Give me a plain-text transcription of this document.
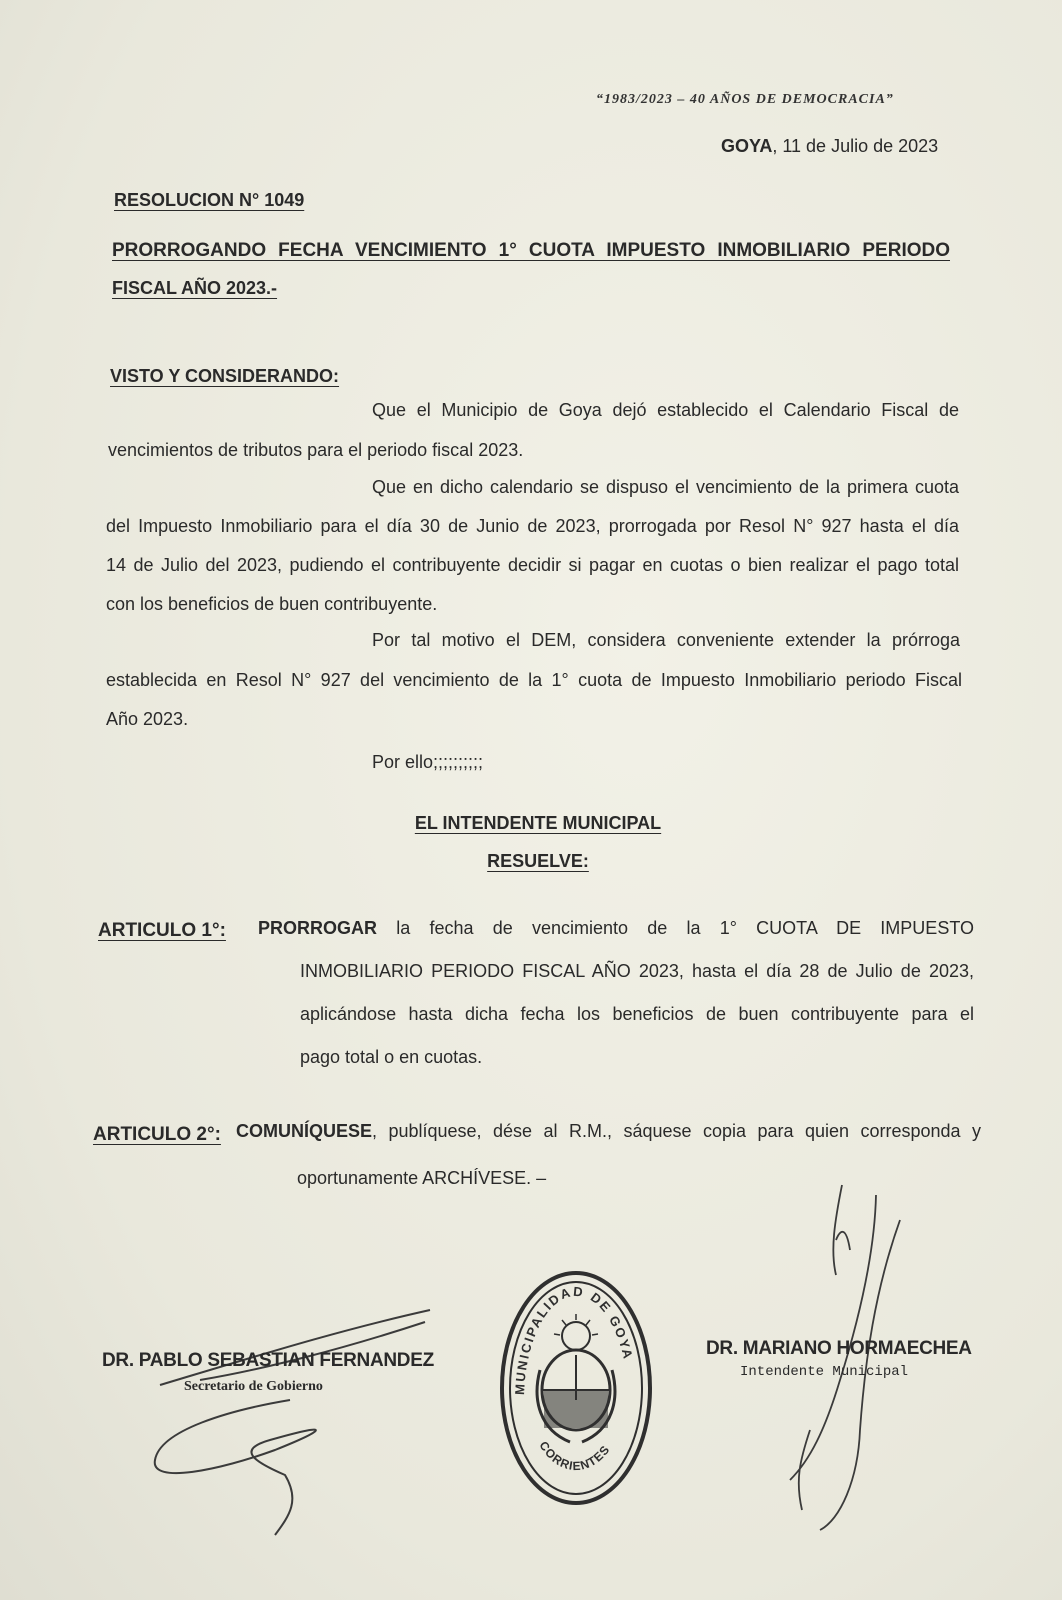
“1983/2023 – 40 AÑOS DE DEMOCRACIA”
GOYA, 11 de Julio de 2023
RESOLUCION N° 1049
PRORROGANDO FECHA VENCIMIENTO 1° CUOTA IMPUESTO INMOBILIARIO PERIODO
FISCAL AÑO 2023.-
VISTO Y CONSIDERANDO:
Que el Municipio de Goya dejó establecido el Calendario Fiscal de
vencimientos de tributos para el periodo fiscal 2023.
Que en dicho calendario se dispuso el vencimiento de la primera cuota
del Impuesto Inmobiliario para el día 30 de Junio de 2023, prorrogada por Resol N° 927 hasta el día
14 de Julio del 2023, pudiendo el contribuyente decidir si pagar en cuotas o bien realizar el pago total
con los beneficios de buen contribuyente.
Por tal motivo el DEM, considera conveniente extender la prórroga
establecida en Resol N° 927 del vencimiento de la 1° cuota de Impuesto Inmobiliario periodo Fiscal
Año 2023.
Por ello;;;;;;;;;;
EL INTENDENTE MUNICIPAL
RESUELVE:
ARTICULO 1°: PRORROGAR la fecha de vencimiento de la 1° CUOTA DE IMPUESTO
INMOBILIARIO PERIODO FISCAL AÑO 2023, hasta el día 28 de Julio de 2023,
aplicándose hasta dicha fecha los beneficios de buen contribuyente para el
pago total o en cuotas.
ARTICULO 2°: COMUNÍQUESE, publíquese, dése al R.M., sáquese copia para quien corresponda y
oportunamente ARCHÍVESE. –
DR. PABLO SEBASTIAN FERNANDEZ
Secretario de Gobierno	MUNICIPALIDAD DE GOYA
CORRIENTES
DR. MARIANO HORMAECHEA
Intendente Municipal
